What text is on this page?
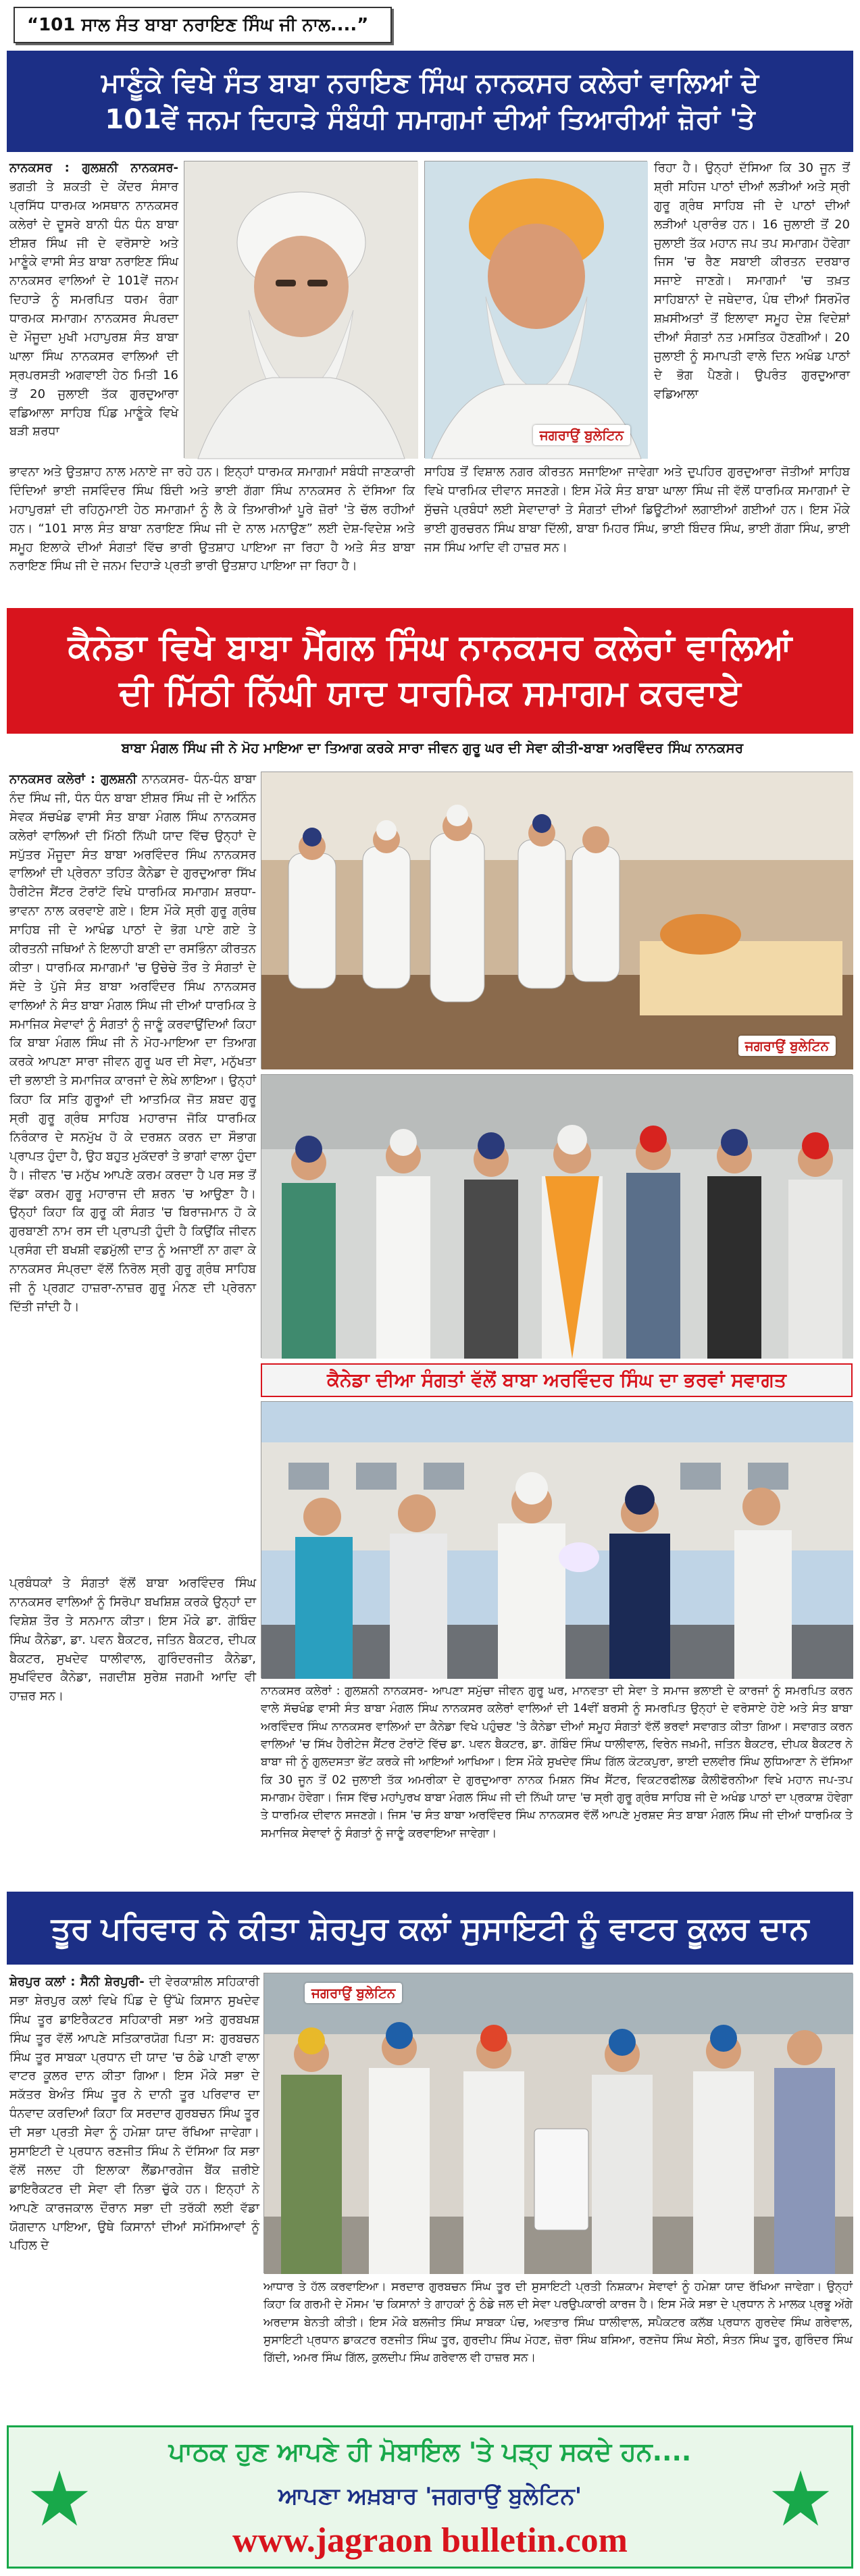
“101 ਸਾਲ ਸੰਤ ਬਾਬਾ ਨਰਾਇਣ ਸਿੰਘ ਜੀ ਨਾਲ....”
ਮਾਣੂੰਕੇ ਵਿਖੇ ਸੰਤ ਬਾਬਾ ਨਰਾਇਣ ਸਿੰਘ ਨਾਨਕਸਰ ਕਲੇਰਾਂ ਵਾਲਿਆਂ ਦੇ
101ਵੇਂ ਜਨਮ ਦਿਹਾੜੇ ਸੰਬੰਧੀ ਸਮਾਗਮਾਂ ਦੀਆਂ ਤਿਆਰੀਆਂ ਜ਼ੋਰਾਂ 'ਤੇ
ਨਾਨਕਸਰ : ਗੁਲਸ਼ਨੀ ਨਾਨਕਸਰ- ਭਗਤੀ ਤੇ ਸ਼ਕਤੀ ਦੇ ਕੇਂਦਰ ਸੰਸਾਰ ਪ੍ਰਸਿੱਧ ਧਾਰਮਕ ਅਸਥਾਨ ਨਾਨਕਸਰ ਕਲੇਰਾਂ ਦੇ ਦੂਸਰੇ ਬਾਨੀ ਧੰਨ ਧੰਨ ਬਾਬਾ ਈਸ਼ਰ ਸਿੰਘ ਜੀ ਦੇ ਵਰੋਸਾਏ ਅਤੇ ਮਾਣੂੰਕੇ ਵਾਸੀ ਸੰਤ ਬਾਬਾ ਨਰਾਇਣ ਸਿੰਘ ਨਾਨਕਸਰ ਵਾਲਿਆਂ ਦੇ 101ਵੇਂ ਜਨਮ ਦਿਹਾੜੇ ਨੂੰ ਸਮਰਪਿਤ ਧਰਮ ਰੰਗਾ ਧਾਰਮਕ ਸਮਾਗਮ ਨਾਨਕਸਰ ਸੰਪਰਦਾ ਦੇ ਮੌਜੂਦਾ ਮੁਖੀ ਮਹਾਪੁਰਸ਼ ਸੰਤ ਬਾਬਾ ਘਾਲਾ ਸਿੰਘ ਨਾਨਕਸਰ ਵਾਲਿਆਂ ਦੀ ਸ੍ਰਪਰਸਤੀ ਅਗਵਾਈ ਹੇਠ ਮਿਤੀ 16 ਤੋਂ 20 ਜੁਲਾਈ ਤੱਕ ਗੁਰਦੁਆਰਾ ਵਡਿਆਲਾ ਸਾਹਿਬ ਪਿੰਡ ਮਾਣੂੰਕੇ ਵਿਖੇ ਬੜੀ ਸ਼ਰਧਾ	ਜਗਰਾਉਂ ਬੁਲੇਟਿਨ
ਰਿਹਾ ਹੈ। ਉਨ੍ਹਾਂ ਦੱਸਿਆ ਕਿ 30 ਜੂਨ ਤੋਂ ਸ਼੍ਰੀ ਸਹਿਜ ਪਾਠਾਂ ਦੀਆਂ ਲੜੀਆਂ ਅਤੇ ਸ੍ਰੀ ਗੁਰੂ ਗ੍ਰੰਥ ਸਾਹਿਬ ਜੀ ਦੇ ਪਾਠਾਂ ਦੀਆਂ ਲੜੀਆਂ ਪ੍ਰਾਰੰਭ ਹਨ। 16 ਜੁਲਾਈ ਤੋਂ 20 ਜੁਲਾਈ ਤੱਕ ਮਹਾਨ ਜਪ ਤਪ ਸਮਾਗਮ ਹੋਵੇਗਾ ਜਿਸ 'ਚ ਰੈਣ ਸਬਾਈ ਕੀਰਤਨ ਦਰਬਾਰ ਸਜਾਏ ਜਾਣਗੇ। ਸਮਾਗਮਾਂ 'ਚ ਤਖ਼ਤ ਸਾਹਿਬਾਨਾਂ ਦੇ ਜਥੇਦਾਰ, ਪੰਥ ਦੀਆਂ ਸਿਰਮੌਰ ਸ਼ਖ਼ਸੀਅਤਾਂ ਤੋਂ ਇਲਾਵਾ ਸਮੂਹ ਦੇਸ਼ ਵਿਦੇਸ਼ਾਂ ਦੀਆਂ ਸੰਗਤਾਂ ਨਤ ਮਸਤਿਕ ਹੋਣਗੀਆਂ। 20 ਜੁਲਾਈ ਨੂੰ ਸਮਾਪਤੀ ਵਾਲੇ ਦਿਨ ਅਖੰਡ ਪਾਠਾਂ ਦੇ ਭੋਗ ਪੈਣਗੇ। ਉਪਰੰਤ ਗੁਰਦੁਆਰਾ ਵਡਿਆਲਾ
ਭਾਵਨਾ ਅਤੇ ਉਤਸ਼ਾਹ ਨਾਲ ਮਨਾਏ ਜਾ ਰਹੇ ਹਨ। ਇਨ੍ਹਾਂ ਧਾਰਮਕ ਸਮਾਗਮਾਂ ਸਬੰਧੀ ਜਾਣਕਾਰੀ ਦਿੰਦਿਆਂ ਭਾਈ ਜਸਵਿੰਦਰ ਸਿੰਘ ਬਿੰਦੀ ਅਤੇ ਭਾਈ ਗੱਗਾ ਸਿੰਘ ਨਾਨਕਸਰ ਨੇ ਦੱਸਿਆ ਕਿ ਮਹਾਪੁਰਸ਼ਾਂ ਦੀ ਰਹਿਨੁਮਾਈ ਹੇਠ ਸਮਾਗਮਾਂ ਨੂੰ ਲੈ ਕੇ ਤਿਆਰੀਆਂ ਪੂਰੇ ਜ਼ੋਰਾਂ 'ਤੇ ਚੱਲ ਰਹੀਆਂ ਹਨ। “101 ਸਾਲ ਸੰਤ ਬਾਬਾ ਨਰਾਇਣ ਸਿੰਘ ਜੀ ਦੇ ਨਾਲ ਮਨਾਉਣ” ਲਈ ਦੇਸ਼-ਵਿਦੇਸ਼ ਅਤੇ ਸਮੂਹ ਇਲਾਕੇ ਦੀਆਂ ਸੰਗਤਾਂ ਵਿੱਚ ਭਾਰੀ ਉਤਸ਼ਾਹ ਪਾਇਆ ਜਾ ਰਿਹਾ ਹੈ ਅਤੇ ਸੰਤ ਬਾਬਾ ਨਰਾਇਣ ਸਿੰਘ ਜੀ ਦੇ ਜਨਮ ਦਿਹਾੜੇ ਪ੍ਰਤੀ ਭਾਰੀ ਉਤਸ਼ਾਹ ਪਾਇਆ ਜਾ ਰਿਹਾ ਹੈ।
ਸਾਹਿਬ ਤੋਂ ਵਿਸ਼ਾਲ ਨਗਰ ਕੀਰਤਨ ਸਜਾਇਆ ਜਾਵੇਗਾ ਅਤੇ ਦੁਪਹਿਰ ਗੁਰਦੁਆਰਾ ਜੋਤੀਆਂ ਸਾਹਿਬ ਵਿਖੇ ਧਾਰਮਿਕ ਦੀਵਾਨ ਸਜਣਗੇ। ਇਸ ਮੌਕੇ ਸੰਤ ਬਾਬਾ ਘਾਲਾ ਸਿੰਘ ਜੀ ਵੱਲੋਂ ਧਾਰਮਿਕ ਸਮਾਗਮਾਂ ਦੇ ਸੁੱਚਜੇ ਪ੍ਰਬੰਧਾਂ ਲਈ ਸੇਵਾਦਾਰਾਂ ਤੇ ਸੰਗਤਾਂ ਦੀਆਂ ਡਿਊਟੀਆਂ ਲਗਾਈਆਂ ਗਈਆਂ ਹਨ। ਇਸ ਮੌਕੇ ਭਾਈ ਗੁਰਚਰਨ ਸਿੰਘ ਬਾਬਾ ਦਿੱਲੀ, ਬਾਬਾ ਮਿਹਰ ਸਿੰਘ, ਭਾਈ ਬਿੰਦਰ ਸਿੰਘ, ਭਾਈ ਗੱਗਾ ਸਿੰਘ, ਭਾਈ ਜਸ ਸਿੰਘ ਆਦਿ ਵੀ ਹਾਜ਼ਰ ਸਨ।
ਕੈਨੇਡਾ ਵਿਖੇ ਬਾਬਾ ਮੈਂਗਲ ਸਿੰਘ ਨਾਨਕਸਰ ਕਲੇਰਾਂ ਵਾਲਿਆਂ
ਦੀ ਮਿੱਠੀ ਨਿੱਘੀ ਯਾਦ ਧਾਰਮਿਕ ਸਮਾਗਮ ਕਰਵਾਏ
ਬਾਬਾ ਮੰਗਲ ਸਿੰਘ ਜੀ ਨੇ ਮੋਹ ਮਾਇਆ ਦਾ ਤਿਆਗ ਕਰਕੇ ਸਾਰਾ ਜੀਵਨ ਗੁਰੂ ਘਰ ਦੀ ਸੇਵਾ ਕੀਤੀ-ਬਾਬਾ ਅਰਵਿੰਦਰ ਸਿੰਘ ਨਾਨਕਸਰ
ਨਾਨਕਸਰ ਕਲੇਰਾਂ : ਗੁਲਸ਼ਨੀ ਨਾਨਕਸਰ- ਧੰਨ-ਧੰਨ ਬਾਬਾ ਨੰਦ ਸਿੰਘ ਜੀ, ਧੰਨ ਧੰਨ ਬਾਬਾ ਈਸ਼ਰ ਸਿੰਘ ਜੀ ਦੇ ਅਨਿੰਨ ਸੇਵਕ ਸੱਚਖੰਡ ਵਾਸੀ ਸੰਤ ਬਾਬਾ ਮੰਗਲ ਸਿੰਘ ਨਾਨਕਸਰ ਕਲੇਰਾਂ ਵਾਲਿਆਂ ਦੀ ਮਿੱਠੀ ਨਿੱਘੀ ਯਾਦ ਵਿੱਚ ਉਨ੍ਹਾਂ ਦੇ ਸਪੁੱਤਰ ਮੌਜੂਦਾ ਸੰਤ ਬਾਬਾ ਅਰਵਿੰਦਰ ਸਿੰਘ ਨਾਨਕਸਰ ਵਾਲਿਆਂ ਦੀ ਪ੍ਰੇਰਨਾ ਤਹਿਤ ਕੈਨੇਡਾ ਦੇ ਗੁਰਦੁਆਰਾ ਸਿੱਖ ਹੈਰੀਟੇਜ ਸੈਂਟਰ ਟੋਰਾਂਟੋ ਵਿਖੇ ਧਾਰਮਿਕ ਸਮਾਗਮ ਸ਼ਰਧਾ-ਭਾਵਨਾ ਨਾਲ ਕਰਵਾਏ ਗਏ। ਇਸ ਮੌਕੇ ਸ੍ਰੀ ਗੁਰੂ ਗ੍ਰੰਥ ਸਾਹਿਬ ਜੀ ਦੇ ਆਖੰਡ ਪਾਠਾਂ ਦੇ ਭੋਗ ਪਾਏ ਗਏ ਤੇ ਕੀਰਤਨੀ ਜਥਿਆਂ ਨੇ ਇਲਾਹੀ ਬਾਣੀ ਦਾ ਰਸਭਿੰਨਾ ਕੀਰਤਨ ਕੀਤਾ। ਧਾਰਮਿਕ ਸਮਾਗਮਾਂ 'ਚ ਉਚੇਚੇ ਤੌਰ ਤੇ ਸੰਗਤਾਂ ਦੇ ਸੱਦੇ ਤੇ ਪੁੱਜੇ ਸੰਤ ਬਾਬਾ ਅਰਵਿੰਦਰ ਸਿੰਘ ਨਾਨਕਸਰ ਵਾਲਿਆਂ ਨੇ ਸੰਤ ਬਾਬਾ ਮੰਗਲ ਸਿੰਘ ਜੀ ਦੀਆਂ ਧਾਰਮਿਕ ਤੇ ਸਮਾਜਿਕ ਸੇਵਾਵਾਂ ਨੂੰ ਸੰਗਤਾਂ ਨੂੰ ਜਾਣੂੰ ਕਰਵਾਉਂਦਿਆਂ ਕਿਹਾ ਕਿ ਬਾਬਾ ਮੰਗਲ ਸਿੰਘ ਜੀ ਨੇ ਮੋਹ-ਮਾਇਆ ਦਾ ਤਿਆਗ ਕਰਕੇ ਆਪਣਾ ਸਾਰਾ ਜੀਵਨ ਗੁਰੂ ਘਰ ਦੀ ਸੇਵਾ, ਮਨੁੱਖਤਾ ਦੀ ਭਲਾਈ ਤੇ ਸਮਾਜਿਕ ਕਾਰਜਾਂ ਦੇ ਲੇਖੇ ਲਾਇਆ। ਉਨ੍ਹਾਂ ਕਿਹਾ ਕਿ ਸਤਿ ਗੁਰੂਆਂ ਦੀ ਆਤਮਿਕ ਜੋਤ ਸ਼ਬਦ ਗੁਰੂ ਸ੍ਰੀ ਗੁਰੂ ਗ੍ਰੰਥ ਸਾਹਿਬ ਮਹਾਰਾਜ ਜੋਕਿ ਧਾਰਮਿਕ ਨਿਰੰਕਾਰ ਦੇ ਸਨਮੁੱਖ ਹੋ ਕੇ ਦਰਸ਼ਨ ਕਰਨ ਦਾ ਸੌਭਾਗ ਪ੍ਰਾਪਤ ਹੁੰਦਾ ਹੈ, ਉਹ ਬਹੁਤ ਮੁਕੱਦਰਾਂ ਤੇ ਭਾਗਾਂ ਵਾਲਾ ਹੁੰਦਾ ਹੈ। ਜੀਵਨ 'ਚ ਮਨੁੱਖ ਆਪਣੇ ਕਰਮ ਕਰਦਾ ਹੈ ਪਰ ਸਭ ਤੋਂ ਵੱਡਾ ਕਰਮ ਗੁਰੂ ਮਹਾਰਾਜ ਦੀ ਸ਼ਰਨ 'ਚ ਆਉਣਾ ਹੈ। ਉਨ੍ਹਾਂ ਕਿਹਾ ਕਿ ਗੁਰੂ ਕੀ ਸੰਗਤ 'ਚ ਬਿਰਾਜਮਾਨ ਹੋ ਕੇ ਗੁਰਬਾਣੀ ਨਾਮ ਰਸ ਦੀ ਪ੍ਰਾਪਤੀ ਹੁੰਦੀ ਹੈ ਕਿਉਂਕਿ ਜੀਵਨ ਪ੍ਰਸੰਗ ਦੀ ਬਖਸ਼ੀ ਵਡਮੁੱਲੀ ਦਾਤ ਨੂੰ ਅਜਾਈਂ ਨਾ ਗਵਾ ਕੇ ਨਾਨਕਸਰ ਸੰਪ੍ਰਦਾ ਵੱਲੋਂ ਨਿਰੋਲ ਸ੍ਰੀ ਗੁਰੂ ਗ੍ਰੰਥ ਸਾਹਿਬ ਜੀ ਨੂੰ ਪ੍ਰਗਟ ਹਾਜ਼ਰਾ-ਨਾਜ਼ਰ ਗੁਰੂ ਮੰਨਣ ਦੀ ਪ੍ਰੇਰਨਾ ਦਿੱਤੀ ਜਾਂਦੀ ਹੈ।
ਜਗਰਾਉਂ ਬੁਲੇਟਿਨ
ਕੈਨੇਡਾ ਦੀਆ ਸੰਗਤਾਂ ਵੱਲੋਂ ਬਾਬਾ ਅਰਵਿੰਦਰ ਸਿੰਘ ਦਾ ਭਰਵਾਂ ਸਵਾਗਤ
ਪ੍ਰਬੰਧਕਾਂ ਤੇ ਸੰਗਤਾਂ ਵੱਲੋਂ ਬਾਬਾ ਅਰਵਿੰਦਰ ਸਿੰਘ ਨਾਨਕਸਰ ਵਾਲਿਆਂ ਨੂੰ ਸਿਰੋਪਾ ਬਖਸ਼ਿਸ਼ ਕਰਕੇ ਉਨ੍ਹਾਂ ਦਾ ਵਿਸ਼ੇਸ਼ ਤੌਰ ਤੇ ਸਨਮਾਨ ਕੀਤਾ। ਇਸ ਮੌਕੇ ਡਾ. ਗੋਬਿੰਦ ਸਿੰਘ ਕੈਨੇਡਾ, ਡਾ. ਪਵਨ ਬੈਕਟਰ, ਜਤਿਨ ਬੈਕਟਰ, ਦੀਪਕ ਬੈਕਟਰ, ਸੁਖਦੇਵ ਧਾਲੀਵਾਲ, ਗੁਰਿੰਦਰਜੀਤ ਕੈਨੇਡਾ, ਸੁਖਵਿੰਦਰ ਕੈਨੇਡਾ, ਜਗਦੀਸ਼ ਸੁਰੇਸ਼ ਜਗਮੀ ਆਦਿ ਵੀ ਹਾਜ਼ਰ ਸਨ।	ਨਾਨਕਸਰ ਕਲੇਰਾਂ : ਗੁਲਸ਼ਨੀ ਨਾਨਕਸਰ- ਆਪਣਾ ਸਮੁੱਚਾ ਜੀਵਨ ਗੁਰੂ ਘਰ, ਮਾਨਵਤਾ ਦੀ ਸੇਵਾ ਤੇ ਸਮਾਜ ਭਲਾਈ ਦੇ ਕਾਰਜਾਂ ਨੂੰ ਸਮਰਪਿਤ ਕਰਨ ਵਾਲੇ ਸੱਚਖੰਡ ਵਾਸੀ ਸੰਤ ਬਾਬਾ ਮੰਗਲ ਸਿੰਘ ਨਾਨਕਸਰ ਕਲੇਰਾਂ ਵਾਲਿਆਂ ਦੀ 14ਵੀਂ ਬਰਸੀ ਨੂੰ ਸਮਰਪਿਤ ਉਨ੍ਹਾਂ ਦੇ ਵਰੋਸਾਏ ਹੋਏ ਅਤੇ ਸੰਤ ਬਾਬਾ ਅਰਵਿੰਦਰ ਸਿੰਘ ਨਾਨਕਸਰ ਵਾਲਿਆਂ ਦਾ ਕੈਨੇਡਾ ਵਿਖੇ ਪਹੁੰਚਣ 'ਤੇ ਕੈਨੇਡਾ ਦੀਆਂ ਸਮੂਹ ਸੰਗਤਾਂ ਵੱਲੋਂ ਭਰਵਾਂ ਸਵਾਗਤ ਕੀਤਾ ਗਿਆ। ਸਵਾਗਤ ਕਰਨ ਵਾਲਿਆਂ 'ਚ ਸਿੱਖ ਹੈਰੀਟੇਜ ਸੈਂਟਰ ਟੋਰਾਂਟੋ ਵਿੱਚ ਡਾ. ਪਵਨ ਬੈਕਟਰ, ਡਾ. ਗੋਬਿੰਦ ਸਿੰਘ ਧਾਲੀਵਾਲ, ਵਿਰੇਨ ਜਖ਼ਮੀ, ਜਤਿਨ ਬੈਕਟਰ, ਦੀਪਕ ਬੈਕਟਰ ਨੇ ਬਾਬਾ ਜੀ ਨੂੰ ਗੁਲਦਸਤਾ ਭੇਂਟ ਕਰਕੇ ਜੀ ਆਇਆਂ ਆਖਿਆ। ਇਸ ਮੌਕੇ ਸੁਖਦੇਵ ਸਿੰਘ ਗਿੱਲ ਕੋਟਕਪੁਰਾ, ਭਾਈ ਦਲਵੀਰ ਸਿੰਘ ਲੁਧਿਆਣਾ ਨੇ ਦੱਸਿਆ ਕਿ 30 ਜੂਨ ਤੋਂ 02 ਜੁਲਾਈ ਤੱਕ ਅਮਰੀਕਾ ਦੇ ਗੁਰਦੁਆਰਾ ਨਾਨਕ ਮਿਸ਼ਨ ਸਿੱਖ ਸੈਂਟਰ, ਵਿਕਟਰਫੀਲਡ ਕੈਲੀਫੋਰਨੀਆ ਵਿਖੇ ਮਹਾਨ ਜਪ-ਤਪ ਸਮਾਗਮ ਹੋਵੇਗਾ। ਜਿਸ ਵਿੱਚ ਮਹਾਂਪੁਰਖ ਬਾਬਾ ਮੰਗਲ ਸਿੰਘ ਜੀ ਦੀ ਨਿੱਘੀ ਯਾਦ 'ਚ ਸ੍ਰੀ ਗੁਰੂ ਗ੍ਰੰਥ ਸਾਹਿਬ ਜੀ ਦੇ ਅਖੰਡ ਪਾਠਾਂ ਦਾ ਪ੍ਰਕਾਸ਼ ਹੋਵੇਗਾ ਤੇ ਧਾਰਮਿਕ ਦੀਵਾਨ ਸਜਣਗੇ। ਜਿਸ 'ਚ ਸੰਤ ਬਾਬਾ ਅਰਵਿੰਦਰ ਸਿੰਘ ਨਾਨਕਸਰ ਵੱਲੋਂ ਆਪਣੇ ਮੁਰਸ਼ਦ ਸੰਤ ਬਾਬਾ ਮੰਗਲ ਸਿੰਘ ਜੀ ਦੀਆਂ ਧਾਰਮਿਕ ਤੇ ਸਮਾਜਿਕ ਸੇਵਾਵਾਂ ਨੂੰ ਸੰਗਤਾਂ ਨੂੰ ਜਾਣੂੰ ਕਰਵਾਇਆ ਜਾਵੇਗਾ।
ਤੂਰ ਪਰਿਵਾਰ ਨੇ ਕੀਤਾ ਸ਼ੇਰਪੁਰ ਕਲਾਂ ਸੁਸਾਇਟੀ ਨੂੰ ਵਾਟਰ ਕੂਲਰ ਦਾਨ
ਸ਼ੇਰਪੁਰ ਕਲਾਂ : ਸੈਨੀ ਸ਼ੇਰਪੁਰੀ- ਦੀ ਵੇਰਕਾਸ਼ੀਲ ਸਹਿਕਾਰੀ ਸਭਾ ਸ਼ੇਰਪੁਰ ਕਲਾਂ ਵਿਖੇ ਪਿੰਡ ਦੇ ਉੱਘੇ ਕਿਸਾਨ ਸੁਖਦੇਵ ਸਿੰਘ ਤੂਰ ਡਾਇਰੈਕਟਰ ਸਹਿਕਾਰੀ ਸਭਾ ਅਤੇ ਗੁਰਬਖਸ਼ ਸਿੰਘ ਤੂਰ ਵੱਲੋਂ ਆਪਣੇ ਸਤਿਕਾਰਯੋਗ ਪਿਤਾ ਸ: ਗੁਰਬਚਨ ਸਿੰਘ ਤੂਰ ਸਾਬਕਾ ਪ੍ਰਧਾਨ ਦੀ ਯਾਦ 'ਚ ਠੰਡੇ ਪਾਣੀ ਵਾਲਾ ਵਾਟਰ ਕੂਲਰ ਦਾਨ ਕੀਤਾ ਗਿਆ। ਇਸ ਮੌਕੇ ਸਭਾ ਦੇ ਸਕੱਤਰ ਬੇਅੰਤ ਸਿੰਘ ਤੂਰ ਨੇ ਦਾਨੀ ਤੂਰ ਪਰਿਵਾਰ ਦਾ ਧੰਨਵਾਦ ਕਰਦਿਆਂ ਕਿਹਾ ਕਿ ਸਰਦਾਰ ਗੁਰਬਚਨ ਸਿੰਘ ਤੂਰ ਦੀ ਸਭਾ ਪ੍ਰਤੀ ਸੇਵਾ ਨੂੰ ਹਮੇਸ਼ਾ ਯਾਦ ਰੱਖਿਆ ਜਾਵੇਗਾ। ਸੁਸਾਇਟੀ ਦੇ ਪ੍ਰਧਾਨ ਰਣਜੀਤ ਸਿੰਘ ਨੇ ਦੱਸਿਆ ਕਿ ਸਭਾ ਵੱਲੋਂ ਜਲਦ ਹੀ ਇਲਾਕਾ ਲੈਂਡਮਾਰਗੇਜ ਬੈਂਕ ਜ਼ਰੀਏ ਡਾਇਰੈਕਟਰ ਦੀ ਸੇਵਾ ਵੀ ਨਿਭਾ ਚੁੱਕੇ ਹਨ। ਇਨ੍ਹਾਂ ਨੇ ਆਪਣੇ ਕਾਰਜਕਾਲ ਦੌਰਾਨ ਸਭਾ ਦੀ ਤਰੱਕੀ ਲਈ ਵੱਡਾ ਯੋਗਦਾਨ ਪਾਇਆ, ਉਥੇ ਕਿਸਾਨਾਂ ਦੀਆਂ ਸਮੱਸਿਆਵਾਂ ਨੂੰ ਪਹਿਲ ਦੇ
ਜਗਰਾਉਂ ਬੁਲੇਟਿਨ
ਆਧਾਰ ਤੇ ਹੱਲ ਕਰਵਾਇਆ। ਸਰਦਾਰ ਗੁਰਬਚਨ ਸਿੰਘ ਤੂਰ ਦੀ ਸੁਸਾਇਟੀ ਪ੍ਰਤੀ ਨਿਸ਼ਕਾਮ ਸੇਵਾਵਾਂ ਨੂੰ ਹਮੇਸ਼ਾ ਯਾਦ ਰੱਖਿਆ ਜਾਵੇਗਾ। ਉਨ੍ਹਾਂ ਕਿਹਾ ਕਿ ਗਰਮੀ ਦੇ ਮੌਸਮ 'ਚ ਕਿਸਾਨਾਂ ਤੇ ਗਾਹਕਾਂ ਨੂੰ ਠੰਡੇ ਜਲ ਦੀ ਸੇਵਾ ਪਰਉਪਕਾਰੀ ਕਾਰਜ ਹੈ। ਇਸ ਮੌਕੇ ਸਭਾ ਦੇ ਪ੍ਰਧਾਨ ਨੇ ਮਾਲਕ ਪ੍ਰਭੂ ਅੱਗੇ ਅਰਦਾਸ ਬੇਨਤੀ ਕੀਤੀ। ਇਸ ਮੌਕੇ ਬਲਜੀਤ ਸਿੰਘ ਸਾਬਕਾ ਪੰਚ, ਅਵਤਾਰ ਸਿੰਘ ਧਾਲੀਵਾਲ, ਸਪੈਕਟਰ ਕਲੱਬ ਪ੍ਰਧਾਨ ਗੁਰਦੇਵ ਸਿੰਘ ਗਰੇਵਾਲ, ਸੁਸਾਇਟੀ ਪ੍ਰਧਾਨ ਡਾਕਟਰ ਰਣਜੀਤ ਸਿੰਘ ਤੂਰ, ਗੁਰਦੀਪ ਸਿੰਘ ਮੋਹਣ, ਜ਼ੋਰਾ ਸਿੰਘ ਬਸਿਆ, ਰਣਜੋਧ ਸਿੰਘ ਸੇਠੀ, ਸੰਤਨ ਸਿੰਘ ਤੂਰ, ਗੁਰਿੰਦਰ ਸਿੰਘ ਗਿੱਦੀ, ਅਮਰ ਸਿੰਘ ਗਿੱਲ, ਕੁਲਦੀਪ ਸਿੰਘ ਗਰੇਵਾਲ ਵੀ ਹਾਜ਼ਰ ਸਨ।
ਪਾਠਕ ਹੁਣ ਆਪਣੇ ਹੀ ਮੋਬਾਇਲ 'ਤੇ ਪੜ੍ਹ ਸਕਦੇ ਹਨ....
ਆਪਣਾ ਅਖ਼ਬਾਰ 'ਜਗਰਾਉਂ ਬੁਲੇਟਿਨ'
www.jagraon bulletin.com
